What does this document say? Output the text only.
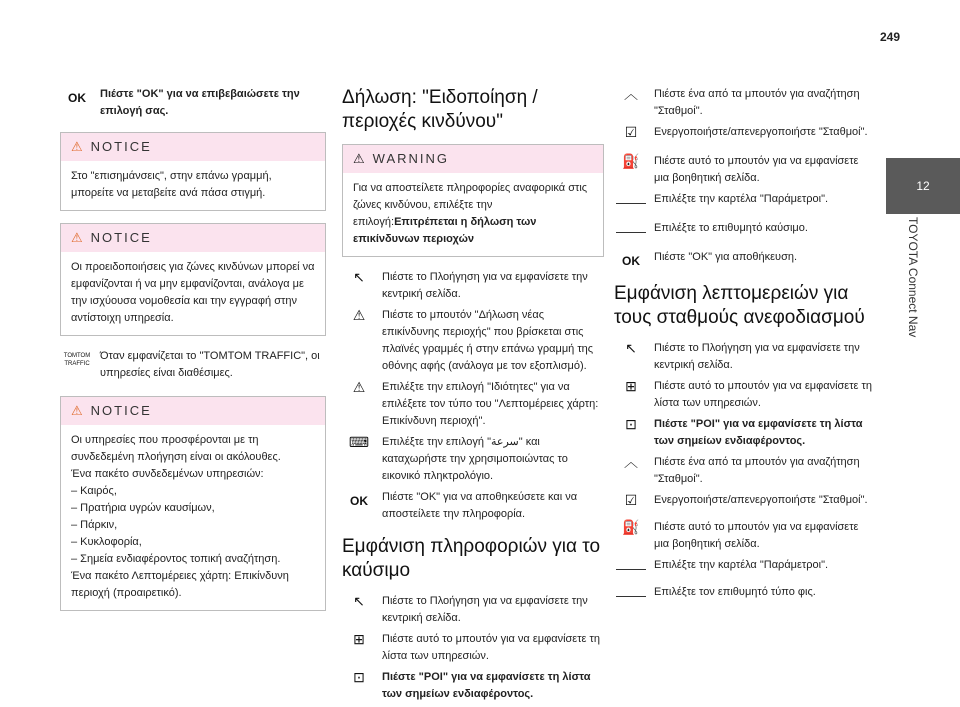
249
12
TOYOTA Connect Nav
OK	Πιέστε "OK" για να επιβεβαιώσετε την επιλογή σας.
⚠ NOTICE
Στο "επισημάνσεις", στην επάνω γραμμή, μπορείτε να μεταβείτε ανά πάσα στιγμή.
⚠ NOTICE
Οι προειδοποιήσεις για ζώνες κινδύνων μπορεί να εμφανίζονται ή να μην εμφανίζονται, ανάλογα με την ισχύουσα νομοθεσία και την εγγραφή στην αντίστοιχη υπηρεσία.
TOMTOM TRAFFIC
Όταν εμφανίζεται το "TOMTOM TRAFFIC", οι υπηρεσίες είναι διαθέσιμες.
⚠ NOTICE
Οι υπηρεσίες που προσφέρονται με τη συνδεδεμένη πλοήγηση είναι οι ακόλουθες.
Ένα πακέτο συνδεδεμένων υπηρεσιών:
– Καιρός,
– Πρατήρια υγρών καυσίμων,
– Πάρκιν,
– Κυκλοφορία,
– Σημεία ενδιαφέροντος τοπική αναζήτηση.
Ένα πακέτο Λεπτομέρειες χάρτη: Επικίνδυνη περιοχή (προαιρετικό).
Δήλωση: "Ειδοποίηση / περιοχές κινδύνου"
⚠ WARNING
Για να αποστείλετε πληροφορίες αναφορικά στις ζώνες κινδύνου, επιλέξτε την επιλογή:Επιτρέπεται η δήλωση των επικίνδυνων περιοχών
↖	Πιέστε το Πλοήγηση για να εμφανίσετε την κεντρική σελίδα.
⚠	Πιέστε το μπουτόν "Δήλωση νέας επικίνδυνης περιοχής" που βρίσκεται στις πλαϊνές γραμμές ή στην επάνω γραμμή της οθόνης αφής (ανάλογα με τον εξοπλισμό).
⚠	Επιλέξτε την επιλογή "Ιδιότητες" για να επιλέξετε τον τύπο του "Λεπτομέρειες χάρτη: Επικίνδυνη περιοχή".
⌨	Επιλέξτε την επιλογή "سرعة" και καταχωρήστε την χρησιμοποιώντας το εικονικό πληκτρολόγιο.
OK	Πιέστε "OK" για να αποθηκεύσετε και να αποστείλετε την πληροφορία.
Εμφάνιση πληροφοριών για το καύσιμο
↖	Πιέστε το Πλοήγηση για να εμφανίσετε την κεντρική σελίδα.
⊞	Πιέστε αυτό το μπουτόν για να εμφανίσετε τη λίστα των υπηρεσιών.
⊡	Πιέστε "POI" για να εμφανίσετε τη λίστα των σημείων ενδιαφέροντος.
︿	Πιέστε ένα από τα μπουτόν για αναζήτηση "Σταθμοί".
☑	Ενεργοποιήστε/απενεργοποιήστε "Σταθμοί".
⛽	Πιέστε αυτό το μπουτόν για να εμφανίσετε μια βοηθητική σελίδα.
Επιλέξτε την καρτέλα "Παράμετροι".
Επιλέξτε το επιθυμητό καύσιμο.
OK	Πιέστε "OK" για αποθήκευση.
Εμφάνιση λεπτομερειών για τους σταθμούς ανεφοδιασμού
↖	Πιέστε το Πλοήγηση για να εμφανίσετε την κεντρική σελίδα.
⊞	Πιέστε αυτό το μπουτόν για να εμφανίσετε τη λίστα των υπηρεσιών.
⊡	Πιέστε "POI" για να εμφανίσετε τη λίστα των σημείων ενδιαφέροντος.
︿	Πιέστε ένα από τα μπουτόν για αναζήτηση "Σταθμοί".
☑	Ενεργοποιήστε/απενεργοποιήστε "Σταθμοί".
⛽	Πιέστε αυτό το μπουτόν για να εμφανίσετε μια βοηθητική σελίδα.
Επιλέξτε την καρτέλα "Παράμετροι".
Επιλέξτε τον επιθυμητό τύπο φις.
